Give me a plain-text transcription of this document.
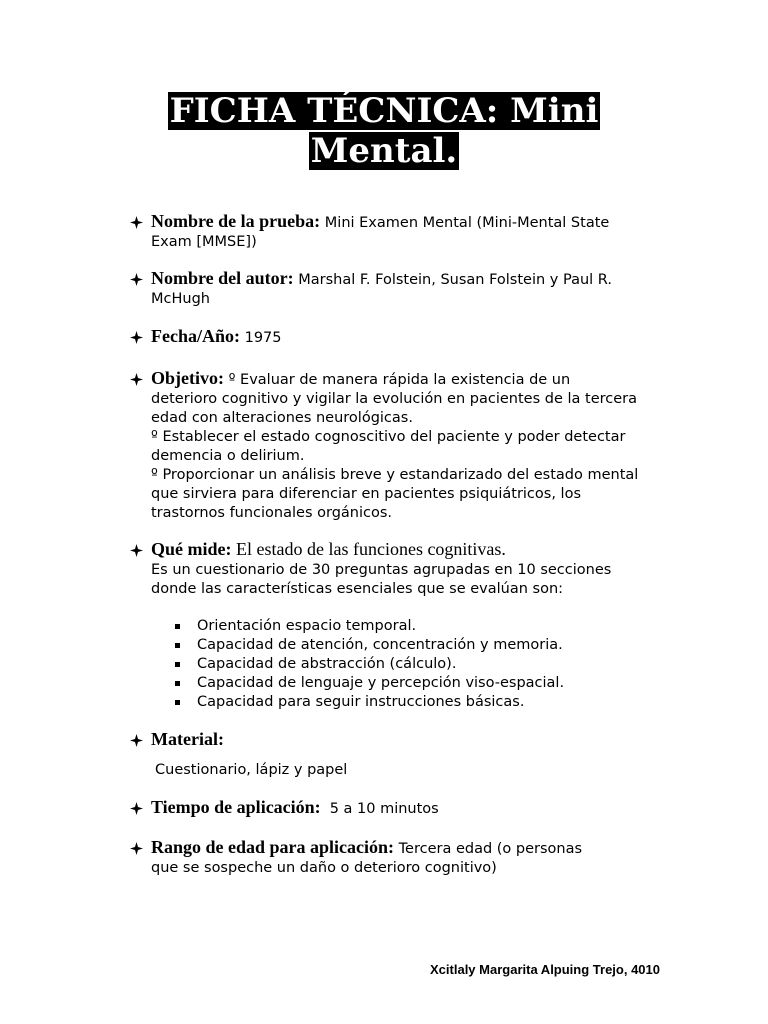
FICHA TÉCNICA: Mini
Mental.
Nombre de la prueba: Mini Examen Mental (Mini-Mental State
Exam [MMSE])
Nombre del autor: Marshal F. Folstein, Susan Folstein y Paul R.
McHugh
Fecha/Año: 1975
Objetivo: º Evaluar de manera rápida la existencia de un
deterioro cognitivo y vigilar la evolución en pacientes de la tercera
edad con alteraciones neurológicas.
º Establecer el estado cognoscitivo del paciente y poder detectar
demencia o delirium.
º Proporcionar un análisis breve y estandarizado del estado mental
que sirviera para diferenciar en pacientes psiquiátricos, los
trastornos funcionales orgánicos.
Qué mide: El estado de las funciones cognitivas.
Es un cuestionario de 30 preguntas agrupadas en 10 secciones
donde las características esenciales que se evalúan son:
Orientación espacio temporal.
Capacidad de atención, concentración y memoria.
Capacidad de abstracción (cálculo).
Capacidad de lenguaje y percepción viso-espacial.
Capacidad para seguir instrucciones básicas.
Material:
Cuestionario, lápiz y papel
Tiempo de aplicación: 5 a 10 minutos
Rango de edad para aplicación: Tercera edad (o personas
que se sospeche un daño o deterioro cognitivo)
Xcitlaly Margarita Alpuing Trejo, 4010
